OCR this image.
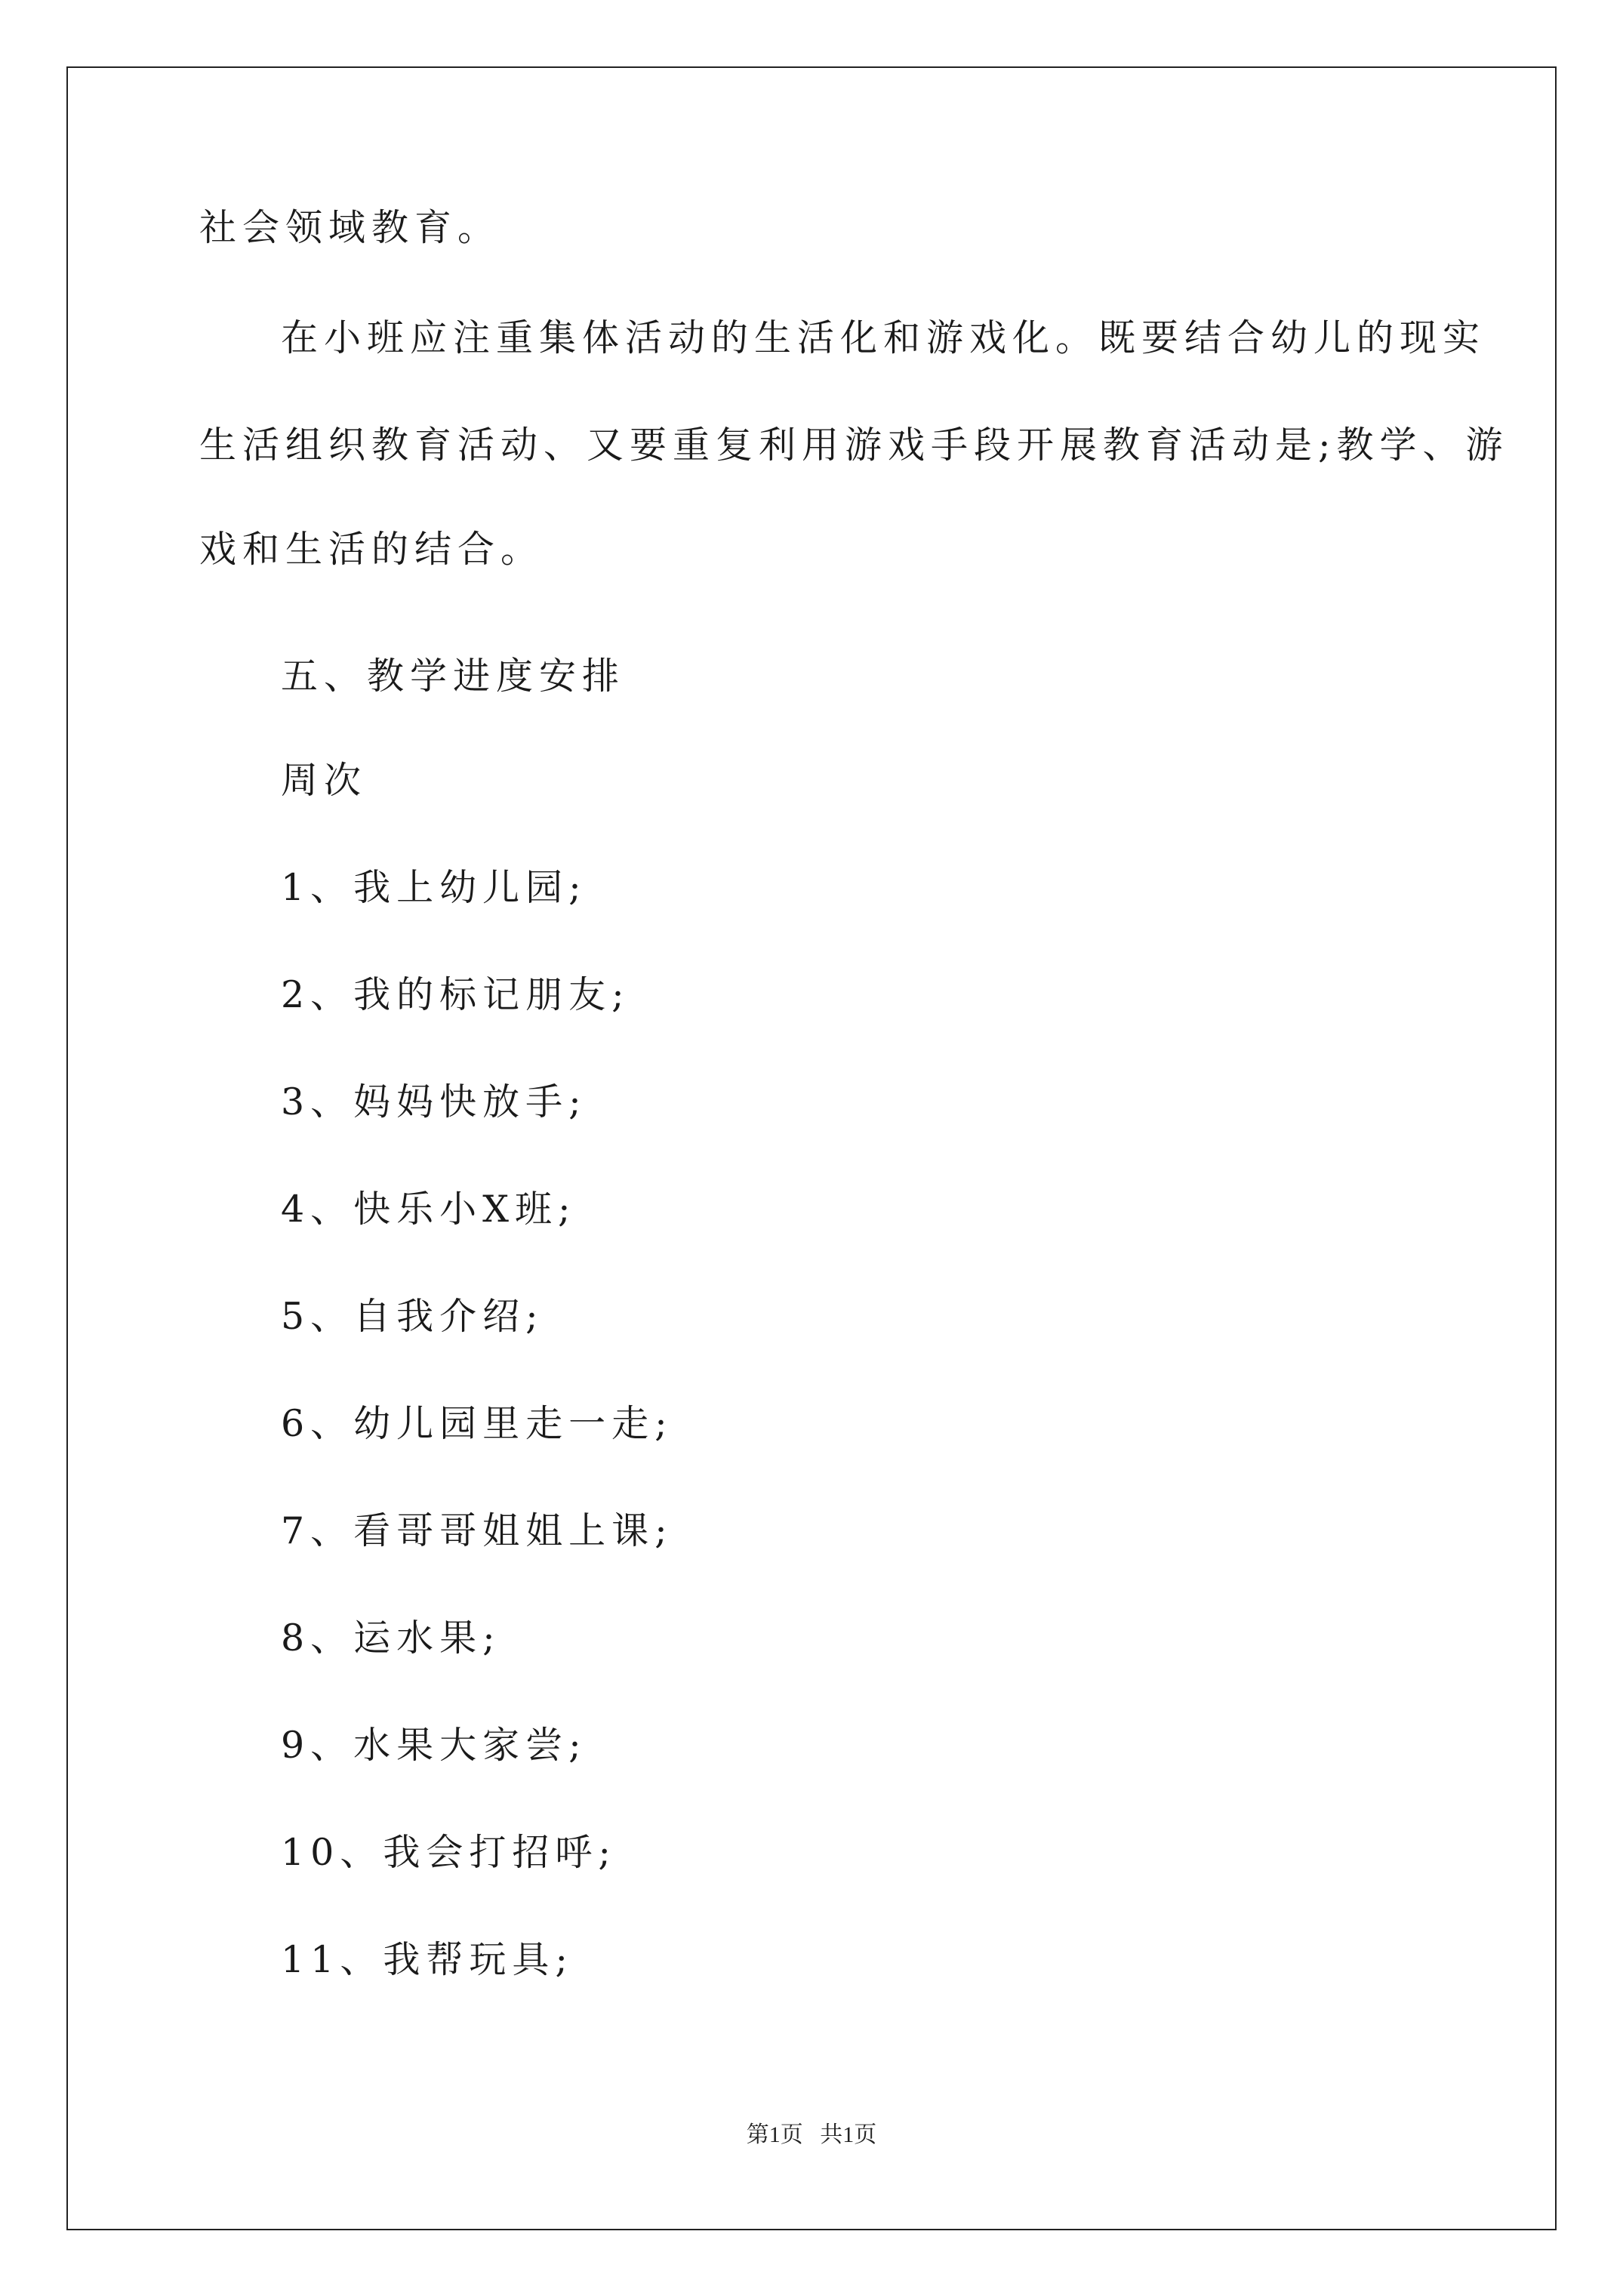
社会领域教育。
在小班应注重集体活动的生活化和游戏化。既要结合幼儿的现实
生活组织教育活动、又要重复利用游戏手段开展教育活动是;教学、游
戏和生活的结合。
五、教学进度安排
周次
1、我上幼儿园;
2、我的标记朋友;
3、妈妈快放手;
4、快乐小X班;
5、自我介绍;
6、幼儿园里走一走;
7、看哥哥姐姐上课;
8、运水果;
9、水果大家尝;
10、我会打招呼;
11、我帮玩具;
第1页   共1页
